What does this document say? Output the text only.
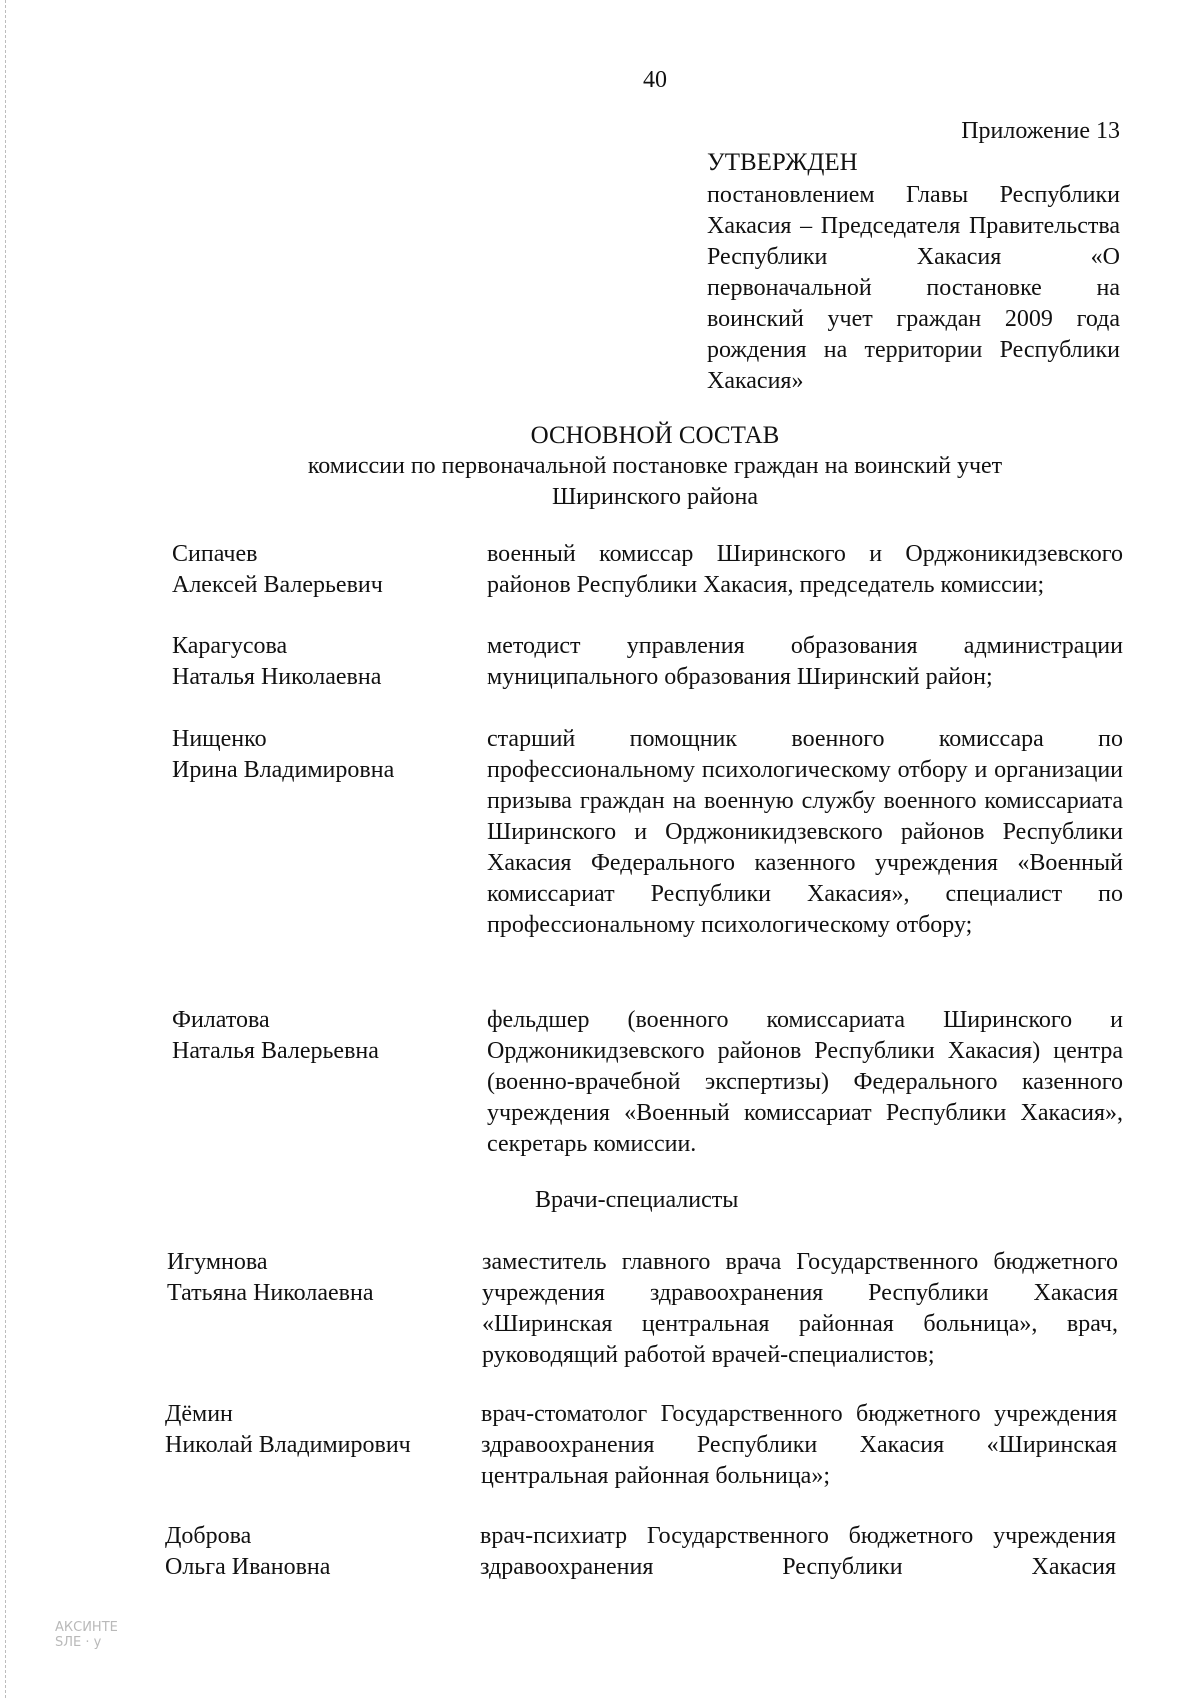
40
Приложение 13
УТВЕРЖДЕН
постановлением Главы Республики Хакасия – Председателя Правительства Республики Хакасия «О первоначальной постановке на воинский учет граждан 2009 года рождения на территории Республики Хакасия»
ОСНОВНОЙ СОСТАВ
комиссии по первоначальной постановке граждан на воинский учет
Ширинского района
Сипачев
Алексей Валерьевич
военный комиссар Ширинского и Орджоникидзевского районов Республики Хакасия, председатель комиссии;
Карагусова
Наталья Николаевна
методист управления образования администрации муниципального образования Ширинский район;
Нищенко
Ирина Владимировна
старший помощник военного комиссара по профессиональному психологическому отбору и организации призыва граждан на военную службу военного комиссариата Ширинского и Орджоникидзевского районов Республики Хакасия Федерального казенного учреждения «Военный комиссариат Республики Хакасия», специалист по профессиональному психологическому отбору;
Филатова
Наталья Валерьевна
фельдшер (военного комиссариата Ширинского и Орджоникидзевского районов Республики Хакасия) центра (военно-врачебной экспертизы) Федерального казенного учреждения «Военный комиссариат Республики Хакасия», секретарь комиссии.
Врачи-специалисты
Игумнова
Татьяна Николаевна
заместитель главного врача Государственного бюджетного учреждения здравоохранения Республики Хакасия «Ширинская центральная районная больница», врач, руководящий работой врачей-специалистов;
Дёмин
Николай Владимирович
врач-стоматолог Государственного бюджетного учреждения здравоохранения Республики Хакасия «Ширинская центральная районная больница»;
Доброва
Ольга Ивановна
врач-психиатр Государственного бюджетного учреждения здравоохранения Республики Хакасия
АКСИНТЕ
SЛЕ · у
